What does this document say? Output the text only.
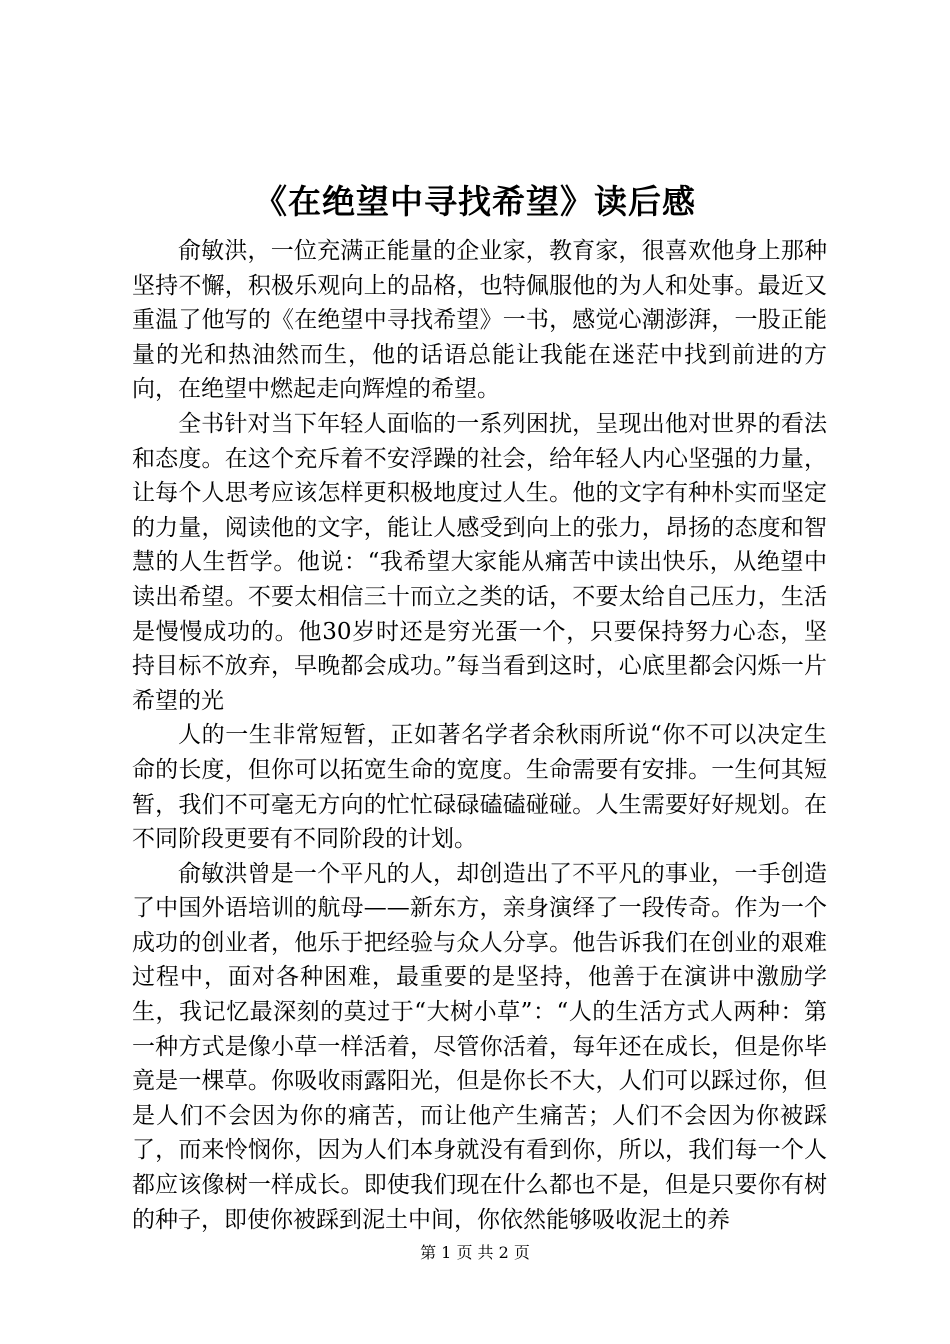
《在绝望中寻找希望》读后感

俞敏洪，一位充满正能量的企业家，教育家，很喜欢他身上那种坚持不懈，积极乐观向上的品格，也特佩服他的为人和处事。最近又重温了他写的《在绝望中寻找希望》一书，感觉心潮澎湃，一股正能量的光和热油然而生，他的话语总能让我能在迷茫中找到前进的方向，在绝望中燃起走向辉煌的希望。

全书针对当下年轻人面临的一系列困扰，呈现出他对世界的看法和态度。在这个充斥着不安浮躁的社会，给年轻人内心坚强的力量，让每个人思考应该怎样更积极地度过人生。他的文字有种朴实而坚定的力量，阅读他的文字，能让人感受到向上的张力，昂扬的态度和智慧的人生哲学。他说：“我希望大家能从痛苦中读出快乐，从绝望中读出希望。不要太相信三十而立之类的话，不要太给自己压力，生活是慢慢成功的。他30岁时还是穷光蛋一个，只要保持努力心态，坚持目标不放弃，早晚都会成功。”每当看到这时，心底里都会闪烁一片希望的光

人的一生非常短暂，正如著名学者余秋雨所说“你不可以决定生命的长度，但你可以拓宽生命的宽度。生命需要有安排。一生何其短暂，我们不可毫无方向的忙忙碌碌磕磕碰碰。人生需要好好规划。在不同阶段更要有不同阶段的计划。

俞敏洪曾是一个平凡的人，却创造出了不平凡的事业，一手创造了中国外语培训的航母——新东方，亲身演绎了一段传奇。作为一个成功的创业者，他乐于把经验与众人分享。他告诉我们在创业的艰难过程中，面对各种困难，最重要的是坚持，他善于在演讲中激励学生，我记忆最深刻的莫过于“大树小草”：“人的生活方式人两种：第一种方式是像小草一样活着，尽管你活着，每年还在成长，但是你毕竟是一棵草。你吸收雨露阳光，但是你长不大，人们可以踩过你，但是人们不会因为你的痛苦，而让他产生痛苦；人们不会因为你被踩了，而来怜悯你，因为人们本身就没有看到你，所以，我们每一个人都应该像树一样成长。即使我们现在什么都也不是，但是只要你有树的种子，即使你被踩到泥土中间，你依然能够吸收泥土的养

第 1 页 共 2 页
